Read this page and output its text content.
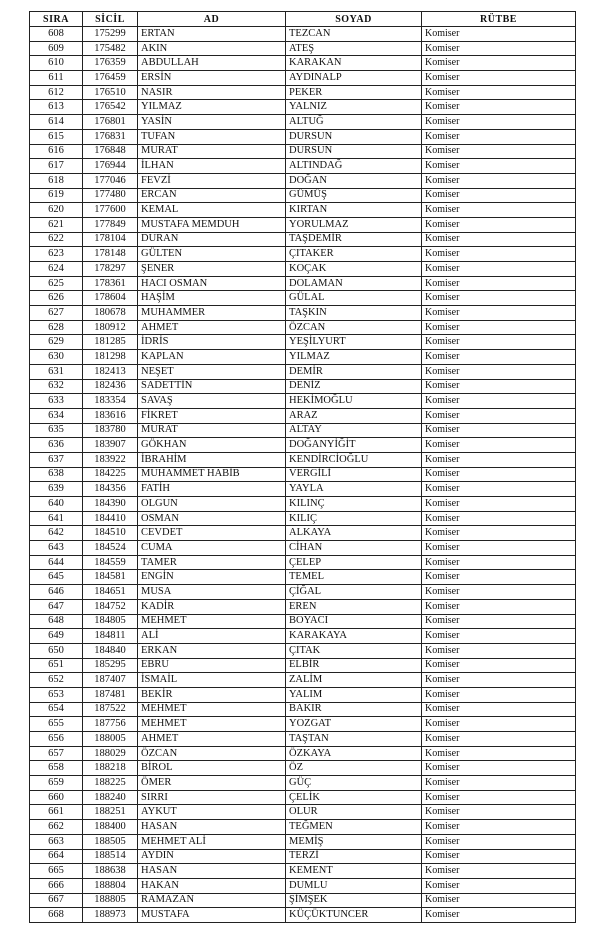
SIRA	SİCİL	AD	SOYAD	RÜTBE
608	175299	ERTAN	TEZCAN	Komiser
609	175482	AKIN	ATEŞ	Komiser
610	176359	ABDULLAH	KARAKAN	Komiser
611	176459	ERSİN	AYDINALP	Komiser
612	176510	NASIR	PEKER	Komiser
613	176542	YILMAZ	YALNIZ	Komiser
614	176801	YASİN	ALTUĞ	Komiser
615	176831	TUFAN	DURSUN	Komiser
616	176848	MURAT	DURSUN	Komiser
617	176944	İLHAN	ALTINDAĞ	Komiser
618	177046	FEVZİ	DOĞAN	Komiser
619	177480	ERCAN	GÜMÜŞ	Komiser
620	177600	KEMAL	KIRTAN	Komiser
621	177849	MUSTAFA MEMDUH	YORULMAZ	Komiser
622	178104	DURAN	TAŞDEMİR	Komiser
623	178148	GÜLTEN	ÇITAKER	Komiser
624	178297	ŞENER	KOÇAK	Komiser
625	178361	HACI OSMAN	DOLAMAN	Komiser
626	178604	HAŞİM	GÜLAL	Komiser
627	180678	MUHAMMER	TAŞKIN	Komiser
628	180912	AHMET	ÖZCAN	Komiser
629	181285	İDRİS	YEŞİLYURT	Komiser
630	181298	KAPLAN	YILMAZ	Komiser
631	182413	NEŞET	DEMİR	Komiser
632	182436	SADETTİN	DENİZ	Komiser
633	183354	SAVAŞ	HEKİMOĞLU	Komiser
634	183616	FİKRET	ARAZ	Komiser
635	183780	MURAT	ALTAY	Komiser
636	183907	GÖKHAN	DOĞANYİĞİT	Komiser
637	183922	İBRAHİM	KENDİRCİOĞLU	Komiser
638	184225	MUHAMMET HABİB	VERGİLİ	Komiser
639	184356	FATİH	YAYLA	Komiser
640	184390	OLGUN	KILINÇ	Komiser
641	184410	OSMAN	KILIÇ	Komiser
642	184510	CEVDET	ALKAYA	Komiser
643	184524	CUMA	CİHAN	Komiser
644	184559	TAMER	ÇELEP	Komiser
645	184581	ENGİN	TEMEL	Komiser
646	184651	MUSA	ÇİĞAL	Komiser
647	184752	KADİR	EREN	Komiser
648	184805	MEHMET	BOYACI	Komiser
649	184811	ALİ	KARAKAYA	Komiser
650	184840	ERKAN	ÇITAK	Komiser
651	185295	EBRU	ELBİR	Komiser
652	187407	İSMAİL	ZALİM	Komiser
653	187481	BEKİR	YALIM	Komiser
654	187522	MEHMET	BAKIR	Komiser
655	187756	MEHMET	YOZGAT	Komiser
656	188005	AHMET	TAŞTAN	Komiser
657	188029	ÖZCAN	ÖZKAYA	Komiser
658	188218	BİROL	ÖZ	Komiser
659	188225	ÖMER	GÜÇ	Komiser
660	188240	SIRRI	ÇELİK	Komiser
661	188251	AYKUT	OLUR	Komiser
662	188400	HASAN	TEĞMEN	Komiser
663	188505	MEHMET ALİ	MEMİŞ	Komiser
664	188514	AYDIN	TERZİ	Komiser
665	188638	HASAN	KEMENT	Komiser
666	188804	HAKAN	DUMLU	Komiser
667	188805	RAMAZAN	ŞİMŞEK	Komiser
668	188973	MUSTAFA	KÜÇÜKTUNCER	Komiser
